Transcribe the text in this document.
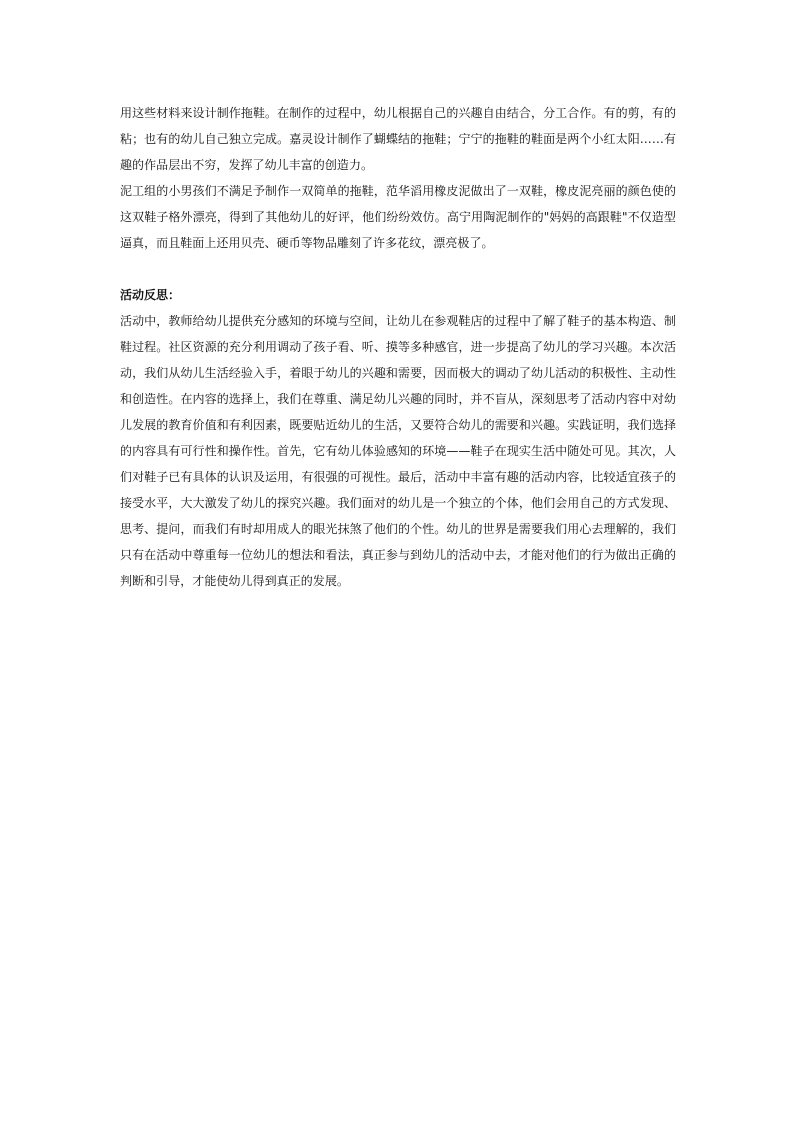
用这些材料来设计制作拖鞋。在制作的过程中，幼儿根据自己的兴趣自由结合，分工合作。有的剪，有的粘；也有的幼儿自己独立完成。嘉灵设计制作了蝴蝶结的拖鞋；宁宁的拖鞋的鞋面是两个小红太阳……有趣的作品层出不穷，发挥了幼儿丰富的创造力。

泥工组的小男孩们不满足予制作一双简单的拖鞋，范华滔用橡皮泥做出了一双鞋，橡皮泥亮丽的颜色使的这双鞋子格外漂亮，得到了其他幼儿的好评，他们纷纷效仿。高宁用陶泥制作的"妈妈的高跟鞋"不仅造型逼真，而且鞋面上还用贝壳、硬币等物品雕刻了许多花纹，漂亮极了。

活动反思：

活动中，教师给幼儿提供充分感知的环境与空间，让幼儿在参观鞋店的过程中了解了鞋子的基本构造、制鞋过程。社区资源的充分利用调动了孩子看、听、摸等多种感官，进一步提高了幼儿的学习兴趣。本次活动，我们从幼儿生活经验入手，着眼于幼儿的兴趣和需要，因而极大的调动了幼儿活动的积极性、主动性和创造性。在内容的选择上，我们在尊重、满足幼儿兴趣的同时，并不盲从，深刻思考了活动内容中对幼儿发展的教育价值和有利因素，既要贴近幼儿的生活，又要符合幼儿的需要和兴趣。实践证明，我们选择的内容具有可行性和操作性。首先，它有幼儿体验感知的环境——鞋子在现实生活中随处可见。其次，人们对鞋子已有具体的认识及运用，有很强的可视性。最后，活动中丰富有趣的活动内容，比较适宜孩子的接受水平，大大激发了幼儿的探究兴趣。我们面对的幼儿是一个独立的个体，他们会用自己的方式发现、思考、提问，而我们有时却用成人的眼光抹煞了他们的个性。幼儿的世界是需要我们用心去理解的，我们只有在活动中尊重每一位幼儿的想法和看法，真正参与到幼儿的活动中去，才能对他们的行为做出正确的判断和引导，才能使幼儿得到真正的发展。
